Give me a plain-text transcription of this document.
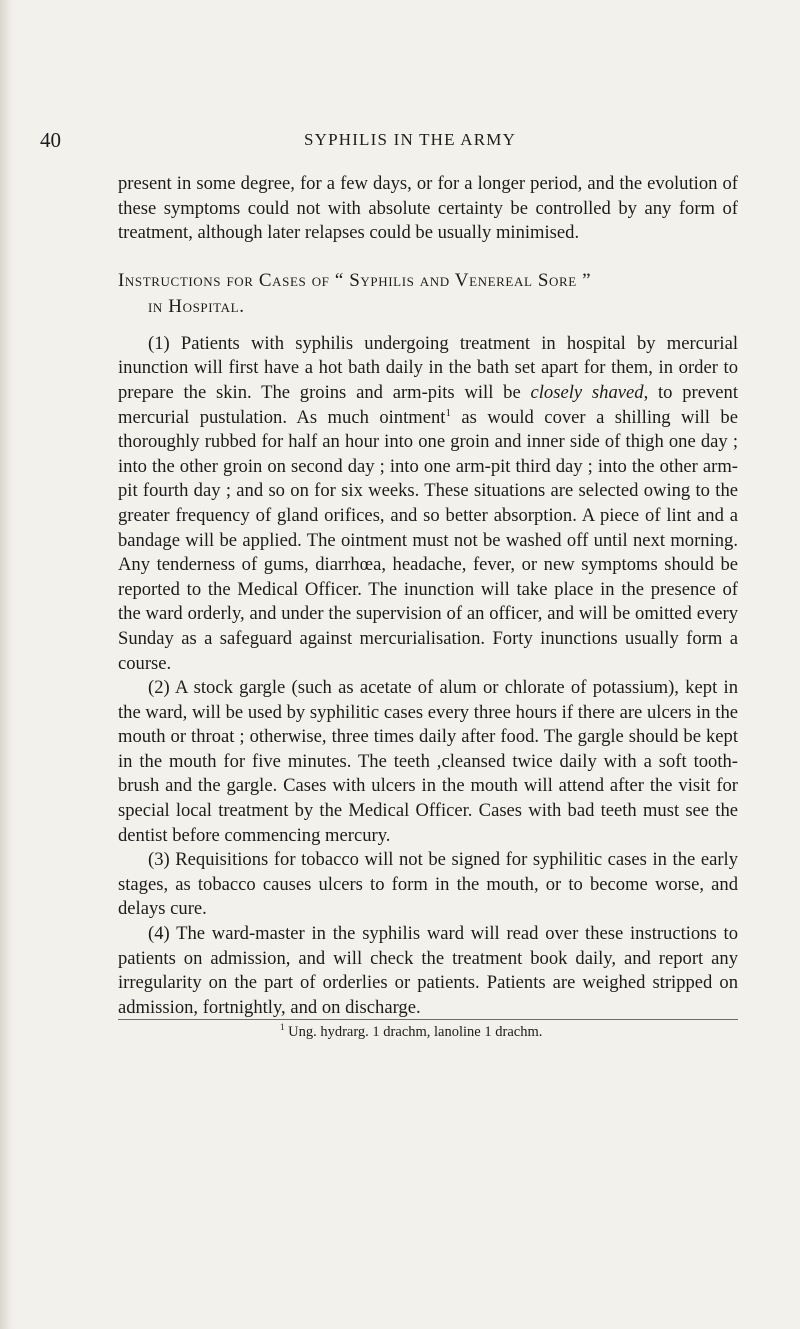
40	SYPHILIS IN THE ARMY

present in some degree, for a few days, or for a longer period, and the evolution of these symptoms could not with absolute certainty be controlled by any form of treatment, although later relapses could be usually minimised.

Instructions for Cases of “ Syphilis and Venereal Sore ”
in Hospital.

(1) Patients with syphilis undergoing treatment in hospital by mercurial inunction will first have a hot bath daily in the bath set apart for them, in order to prepare the skin. The groins and arm-pits will be closely shaved, to prevent mercurial pustulation. As much ointment$^1$ as would cover a shilling will be thoroughly rubbed for half an hour into one groin and inner side of thigh one day ; into the other groin on second day ; into one arm-pit third day ; into the other arm-pit fourth day ; and so on for six weeks. These situations are selected owing to the greater frequency of gland orifices, and so better absorption. A piece of lint and a bandage will be applied. The ointment must not be washed off until next morning. Any tenderness of gums, diarrhœa, headache, fever, or new symptoms should be reported to the Medical Officer. The inunction will take place in the presence of the ward orderly, and under the supervision of an officer, and will be omitted every Sunday as a safeguard against mercurialisation. Forty inunctions usually form a course.

(2) A stock gargle (such as acetate of alum or chlorate of potassium), kept in the ward, will be used by syphilitic cases every three hours if there are ulcers in the mouth or throat ; otherwise, three times daily after food. The gargle should be kept in the mouth for five minutes. The teeth ,cleansed twice daily with a soft tooth-brush and the gargle. Cases with ulcers in the mouth will attend after the visit for special local treatment by the Medical Officer. Cases with bad teeth must see the dentist before commencing mercury.

(3) Requisitions for tobacco will not be signed for syphilitic cases in the early stages, as tobacco causes ulcers to form in the mouth, or to become worse, and delays cure.

(4) The ward-master in the syphilis ward will read over these instructions to patients on admission, and will check the treatment book daily, and report any irregularity on the part of orderlies or patients. Patients are weighed stripped on admission, fortnightly, and on discharge.

$^1$ Ung. hydrarg. 1 drachm, lanoline 1 drachm.
